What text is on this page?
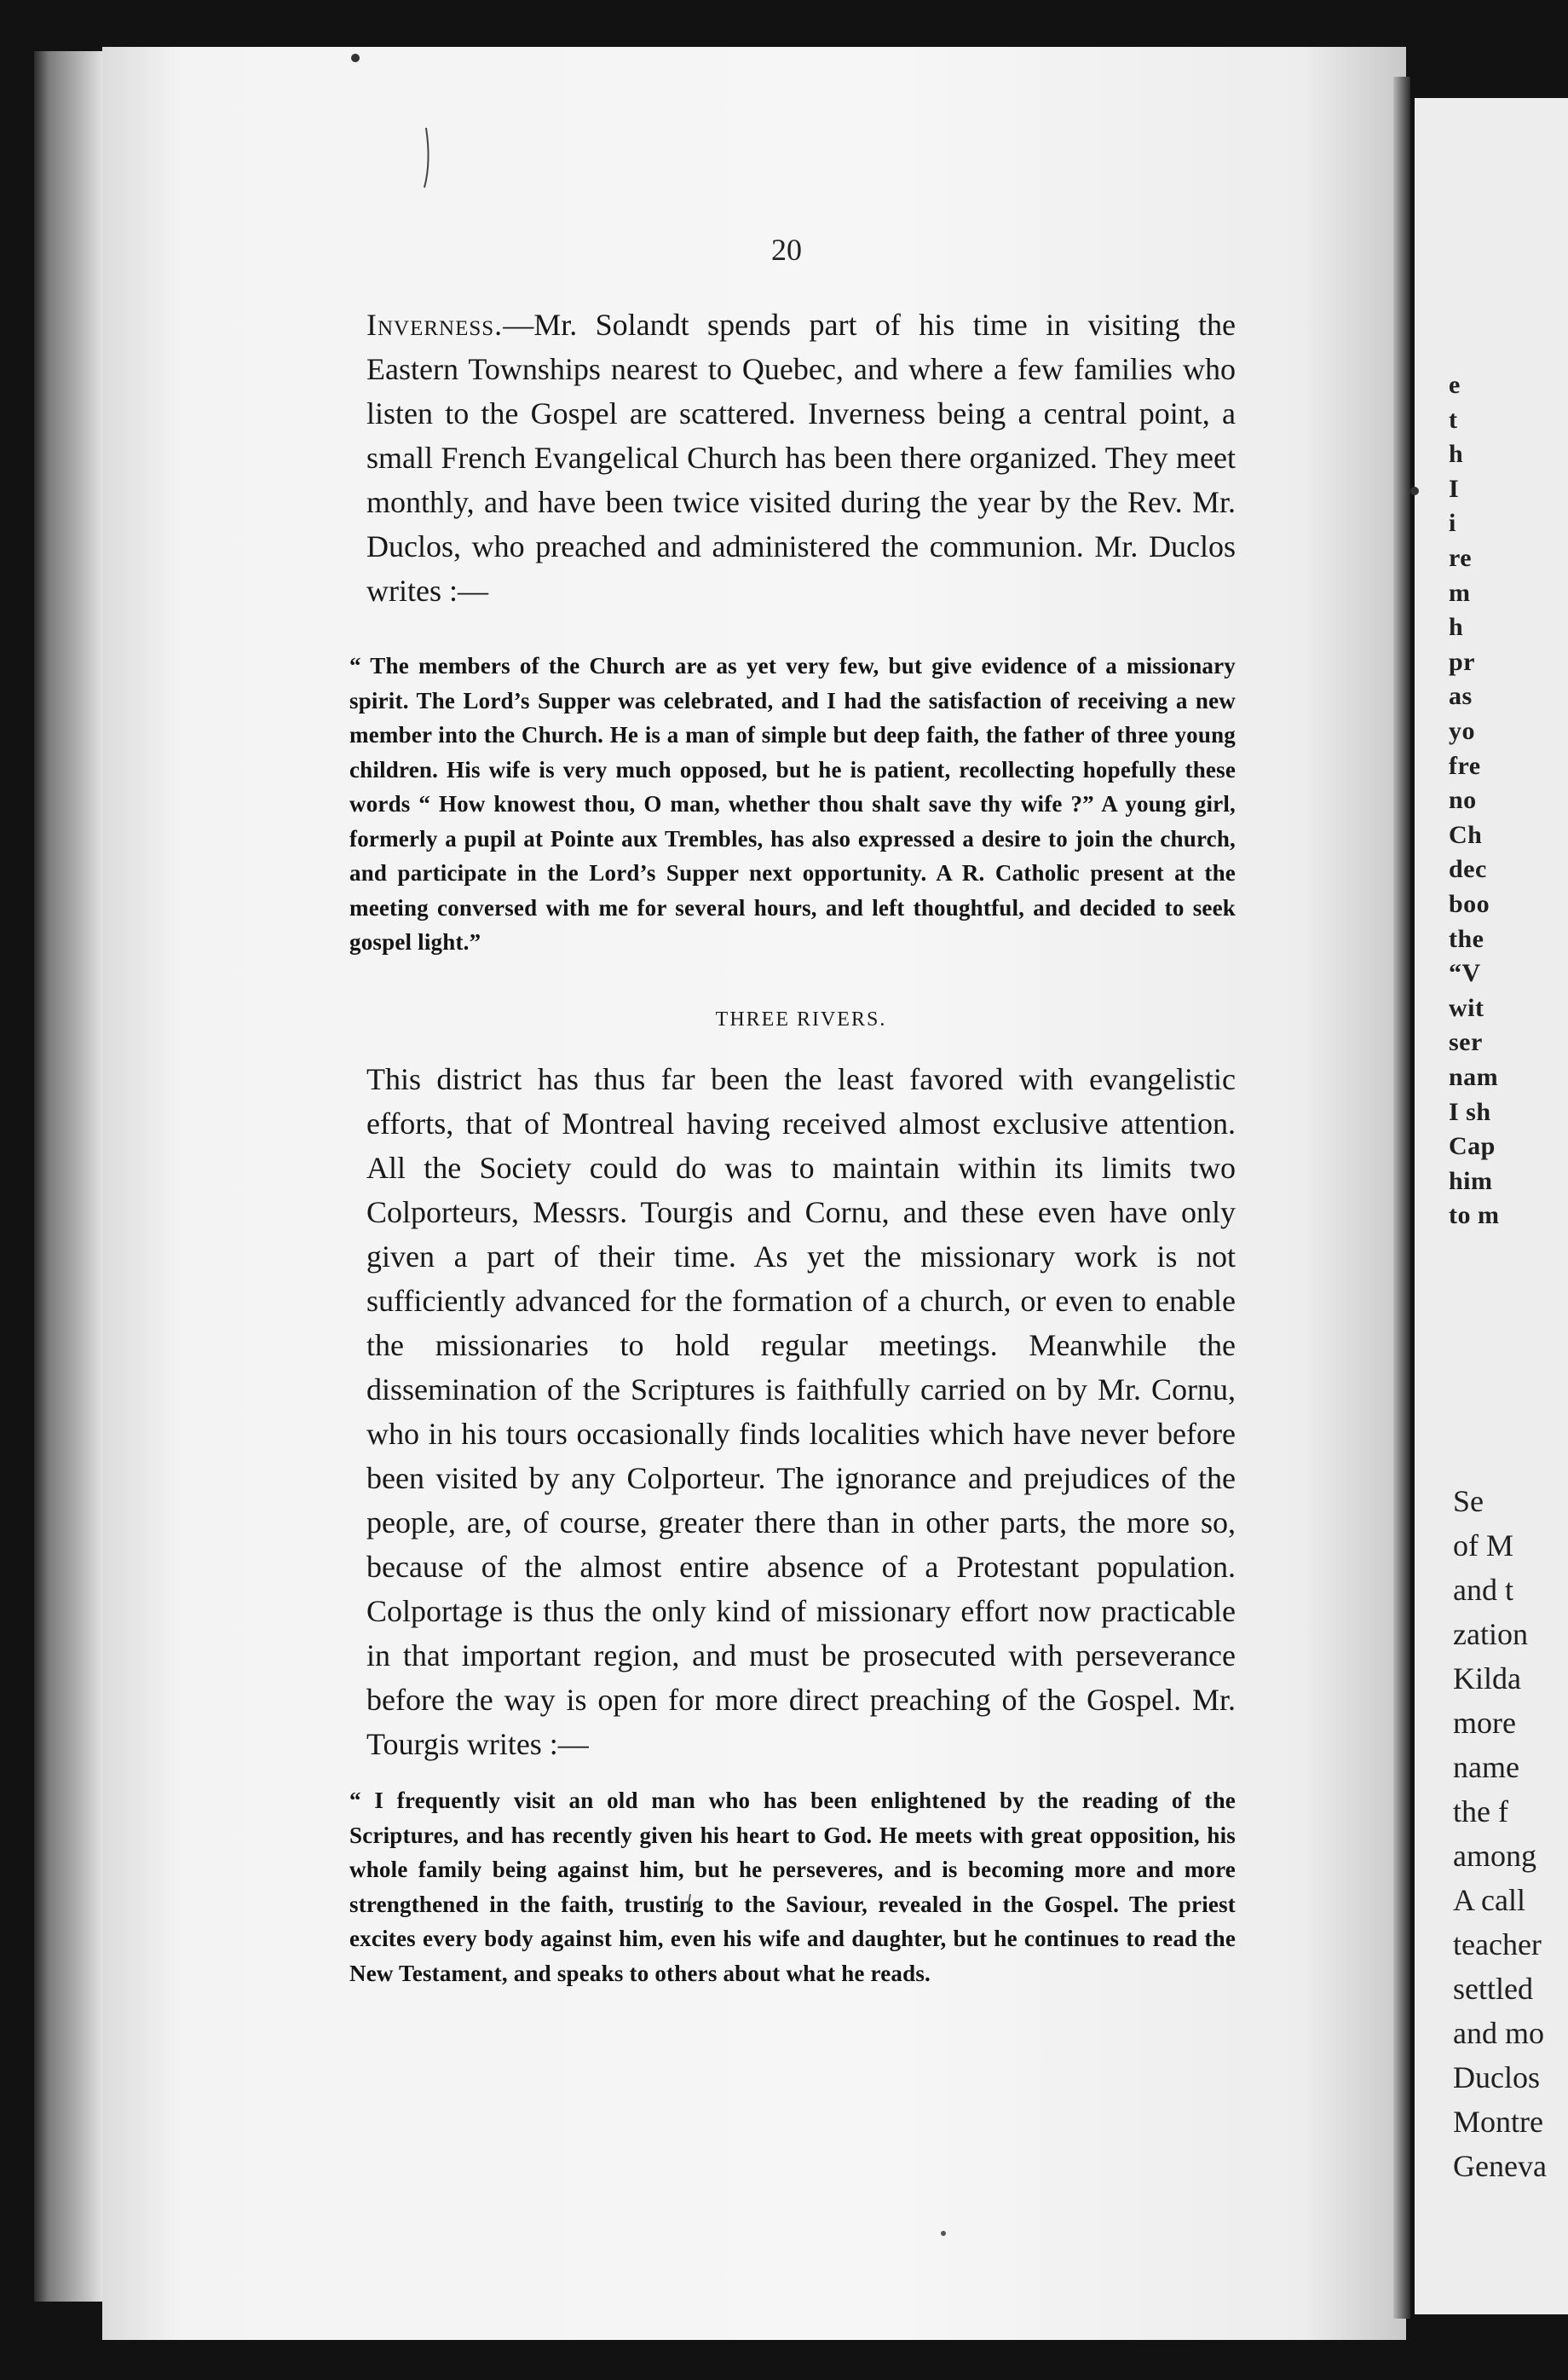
e
t
h
I
i
re
m
h
pr
as
yo
fre
no
Ch
dec
boo
the
“V
wit
ser
nam
I sh
Cap
him
to m
Se
of M
and t
zation
Kilda
more
name
the f
among
A call
teacher
settled
and mo
Duclos
Montre
Geneva
20
Inverness.—Mr. Solandt spends part of his time in visiting the Eastern Townships nearest to Quebec, and where a few families who listen to the Gospel are scattered. Inverness being a central point, a small French Evangelical Church has been there organized. They meet monthly, and have been twice visited during the year by the Rev. Mr. Duclos, who preached and administered the communion. Mr. Duclos writes :—
“ The members of the Church are as yet very few, but give evidence of a missionary spirit. The Lord’s Supper was celebrated, and I had the satisfaction of receiving a new member into the Church. He is a man of simple but deep faith, the father of three young children. His wife is very much opposed, but he is patient, recollecting hopefully these words “ How knowest thou, O man, whether thou shalt save thy wife ?” A young girl, formerly a pupil at Pointe aux Trembles, has also expressed a desire to join the church, and participate in the Lord’s Supper next opportunity. A R. Catholic present at the meeting conversed with me for several hours, and left thoughtful, and decided to seek gospel light.”
THREE RIVERS.
This district has thus far been the least favored with evangelistic efforts, that of Montreal having received almost exclusive attention. All the Society could do was to maintain within its limits two Colporteurs, Messrs. Tourgis and Cornu, and these even have only given a part of their time. As yet the missionary work is not sufficiently advanced for the formation of a church, or even to enable the missionaries to hold regular meetings. Meanwhile the dissemination of the Scriptures is faithfully carried on by Mr. Cornu, who in his tours occasionally finds localities which have never before been visited by any Colporteur. The ignorance and prejudices of the people, are, of course, greater there than in other parts, the more so, because of the almost entire absence of a Protestant population. Colportage is thus the only kind of missionary effort now practicable in that important region, and must be prosecuted with perseverance before the way is open for more direct preaching of the Gospel. Mr. Tourgis writes :—
“ I frequently visit an old man who has been enlightened by the reading of the Scriptures, and has recently given his heart to God. He meets with great opposition, his whole family being against him, but he perseveres, and is becoming more and more strengthened in the faith, trusting to the Saviour, revealed in the Gospel. The priest excites every body against him, even his wife and daughter, but he continues to read the New Testament, and speaks to others about what he reads.
